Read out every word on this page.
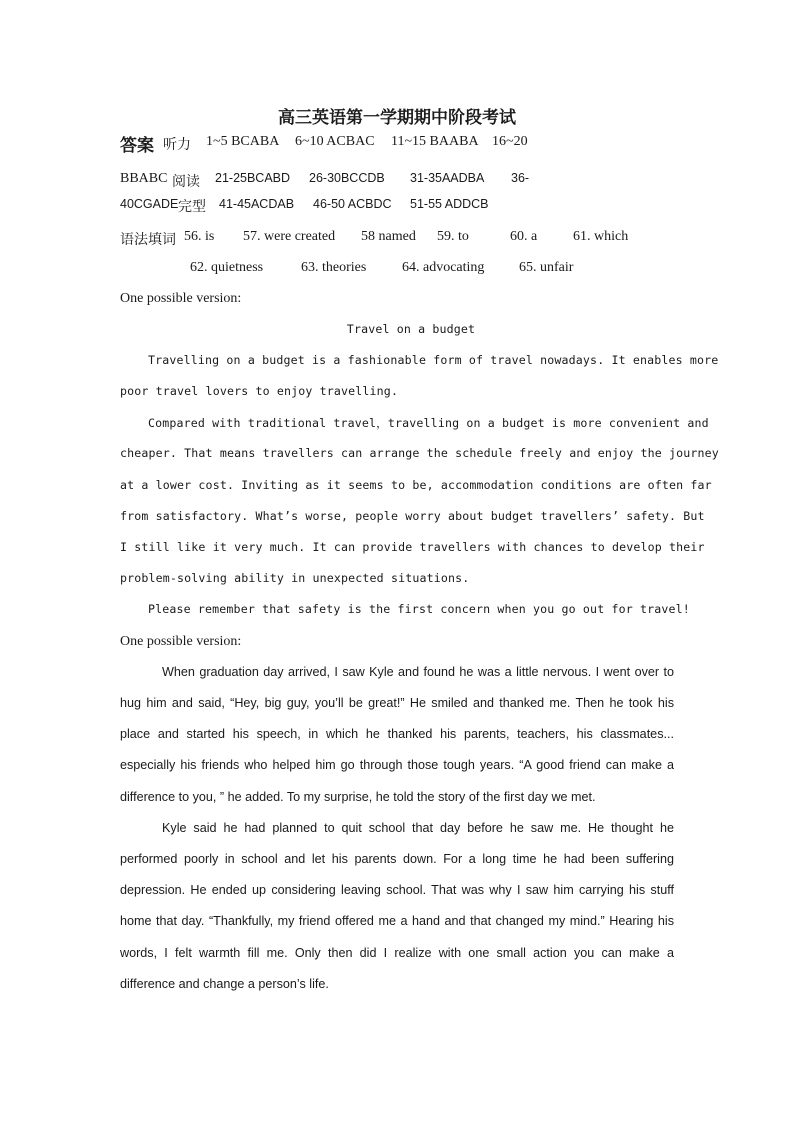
高三英语第一学期期中阶段考试
答案 听力 1~5 BCABA 6~10 ACBAC 11~15 BAABA 16~20
BBABC 阅读 21-25BCABD 26-30BCCDB 31-35AADBA 36-
40CGADE 完型 41-45ACDAB 46-50 ACBDC 51-55 ADDCB
语法填词 56. is 57. were created 58 named 59. to	60. a	61. which
62. quietness	63. theories	64. advocating 65. unfair
One possible version:
Travel on a budget
Travelling on a budget is a fashionable form of travel nowadays. It enables more
poor travel lovers to enjoy travelling.
Compared with traditional travel，travelling on a budget is more convenient and
cheaper. That means travellers can arrange the schedule freely and enjoy the journey
at a lower cost. Inviting as it seems to be, accommodation conditions are often far
from satisfactory. What’s worse, people worry about budget travellers’ safety. But
I still like it very much. It can provide travellers with chances to develop their
problem-solving ability in unexpected situations.
Please remember that safety is the first concern when you go out for travel!
One possible version:
When graduation day arrived, I saw Kyle and found he was a little nervous. I went over to
hug him and said, “Hey, big guy, you’ll be great!” He smiled and thanked me. Then he took his
place and started his speech, in which he thanked his parents, teachers, his classmates...
especially his friends who helped him go through those tough years. “A good friend can make a
difference to you, ” he added. To my surprise, he told the story of the first day we met.
Kyle said he had planned to quit school that day before he saw me. He thought he
performed poorly in school and let his parents down. For a long time he had been suffering
depression. He ended up considering leaving school. That was why I saw him carrying his stuff
home that day. “Thankfully, my friend offered me a hand and that changed my mind.” Hearing his
words, I felt warmth fill me. Only then did I realize with one small action you can make a
difference and change a person’s life.
